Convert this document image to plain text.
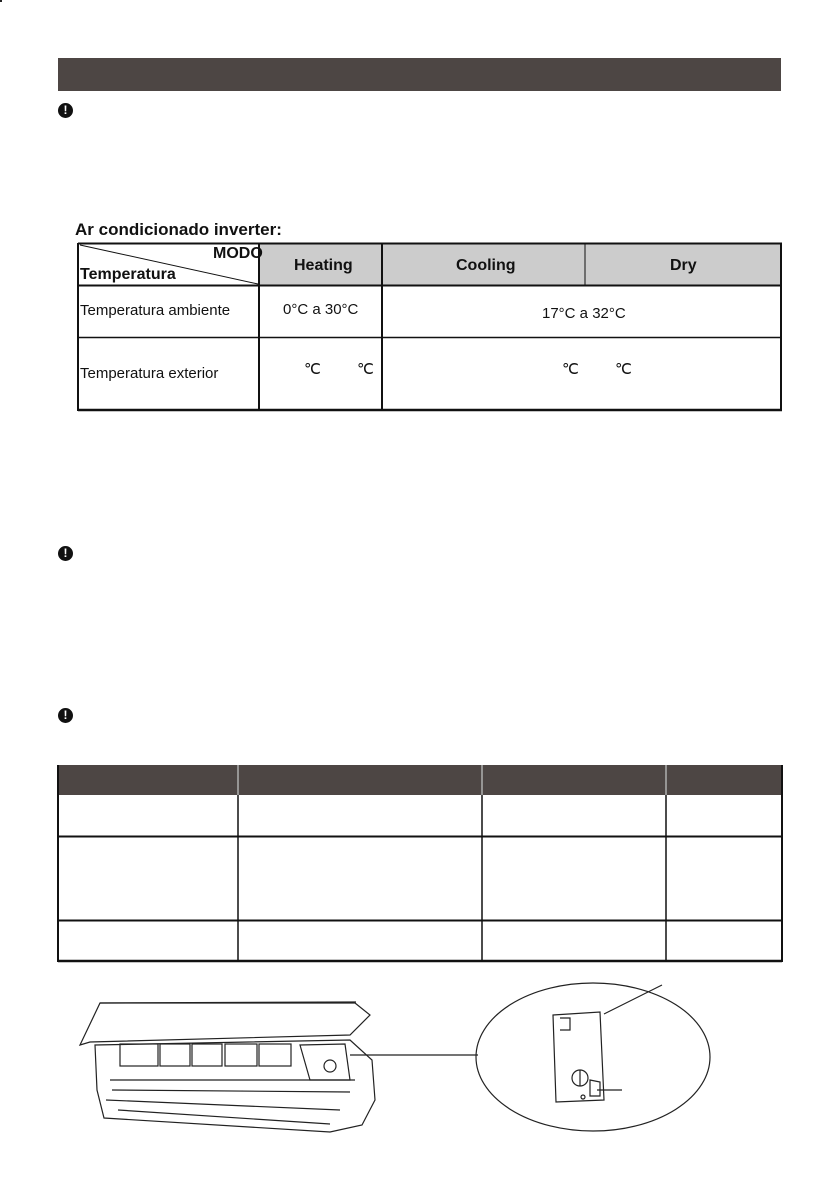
!
!
!
Ar condicionado inverter:
MODO
Temperatura
Heating	Cooling	Dry
Temperatura ambiente	0°C a 30°C	17°C a 32°C
Temperatura exterior	℃ ℃	℃ ℃
